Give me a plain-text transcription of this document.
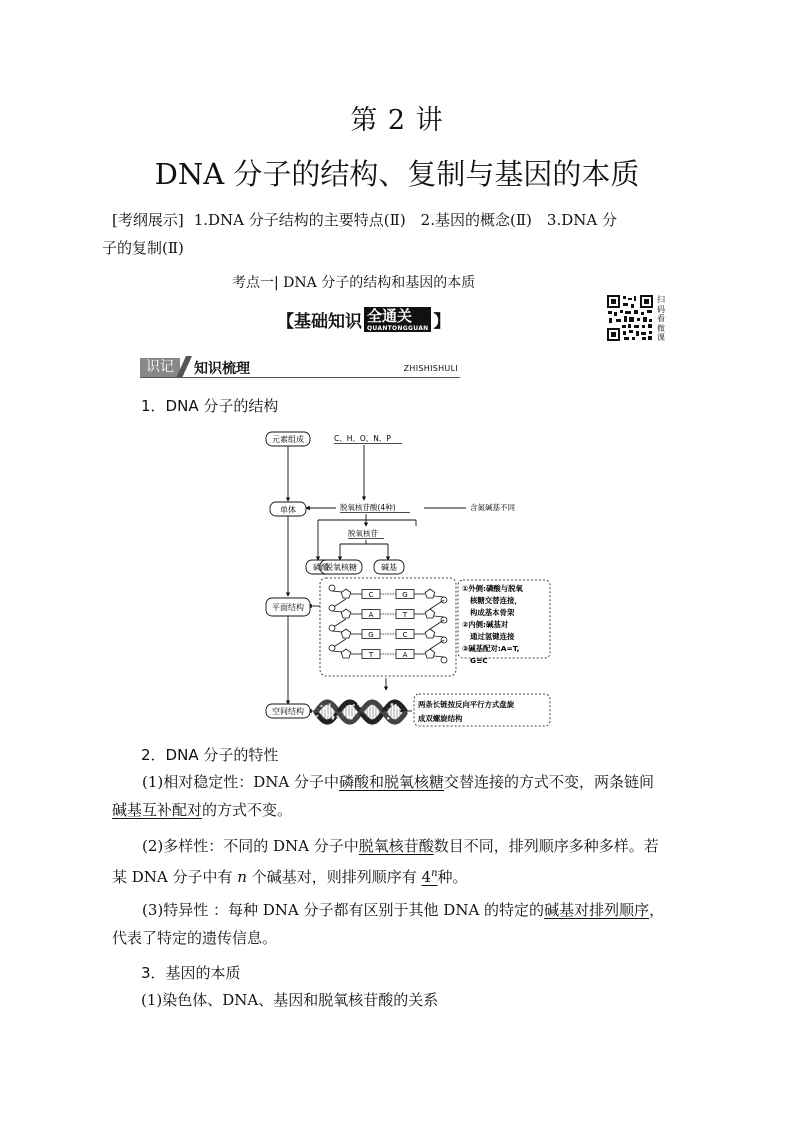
第 2 讲
DNA 分子的结构、复制与基因的本质
[考纲展示] 1.DNA 分子结构的主要特点(Ⅱ)　2.基因的概念(Ⅱ)　3.DNA 分
子的复制(Ⅱ)
考点一| DNA 分子的结构和基因的本质
【基础知识 全通关
QUANTONGGUAN 】
扫码看微课
识记	知识梳理	ZHISHISHULI
1．DNA 分子的结构
元素组成
单体
磷酸
脱氧核糖	碱基
平面结构
空间结构
C、H、O、N、P
脱氧核苷酸(4种)	含氮碱基不同
脱氧核苷
C	G
A	T
G	C
T	A
①外侧:磷酸与脱氧
核糖交替连接，
构成基本骨架
②内侧:碱基对
通过氢键连接
③碱基配对:A=T,
G≡C
两条长链按反向平行方式盘旋
成双螺旋结构
2．DNA 分子的特性
(1)相对稳定性：DNA 分子中磷酸和脱氧核糖交替连接的方式不变，两条链间
碱基互补配对的方式不变。
(2)多样性：不同的 DNA 分子中脱氧核苷酸数目不同，排列顺序多种多样。若
某 DNA 分子中有 n 个碱基对，则排列顺序有 4$^n$种。
(3)特异性 ：每种 DNA 分子都有区别于其他 DNA 的特定的碱基对排列顺序，
代表了特定的遗传信息。
3．基因的本质
(1)染色体、DNA、基因和脱氧核苷酸的关系
